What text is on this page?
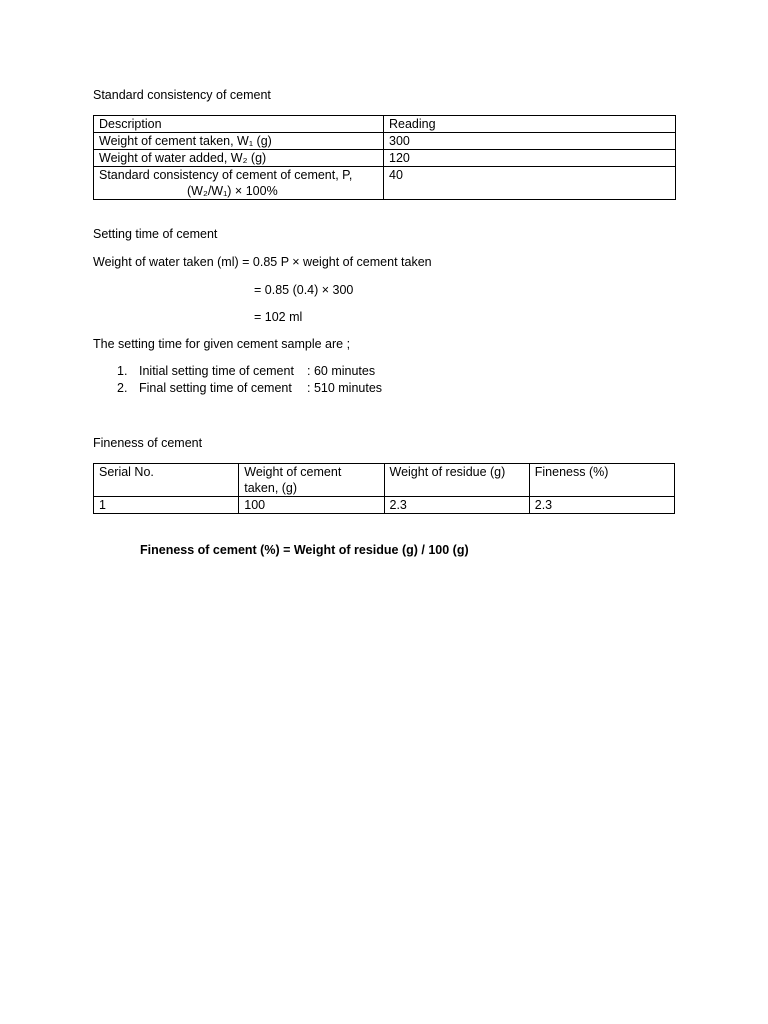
Standard consistency of cement
Description	Reading
Weight of cement taken, W₁ (g)	300
Weight of water added, W₂ (g)	120
Standard consistency of cement of cement, P,
(W₂/W₁) × 100%	40
Setting time of cement
Weight of water taken (ml) = 0.85 P × weight of cement taken
= 0.85 (0.4) × 300
= 102 ml
The setting time for given cement sample are ;
1. Initial setting time of cement : 60 minutes
2. Final setting time of cement : 510 minutes
Fineness of cement
Serial No.	Weight of cement taken, (g)	Weight of residue (g)	Fineness (%)
1	100	2.3	2.3
Fineness of cement (%) = Weight of residue (g) / 100 (g)
